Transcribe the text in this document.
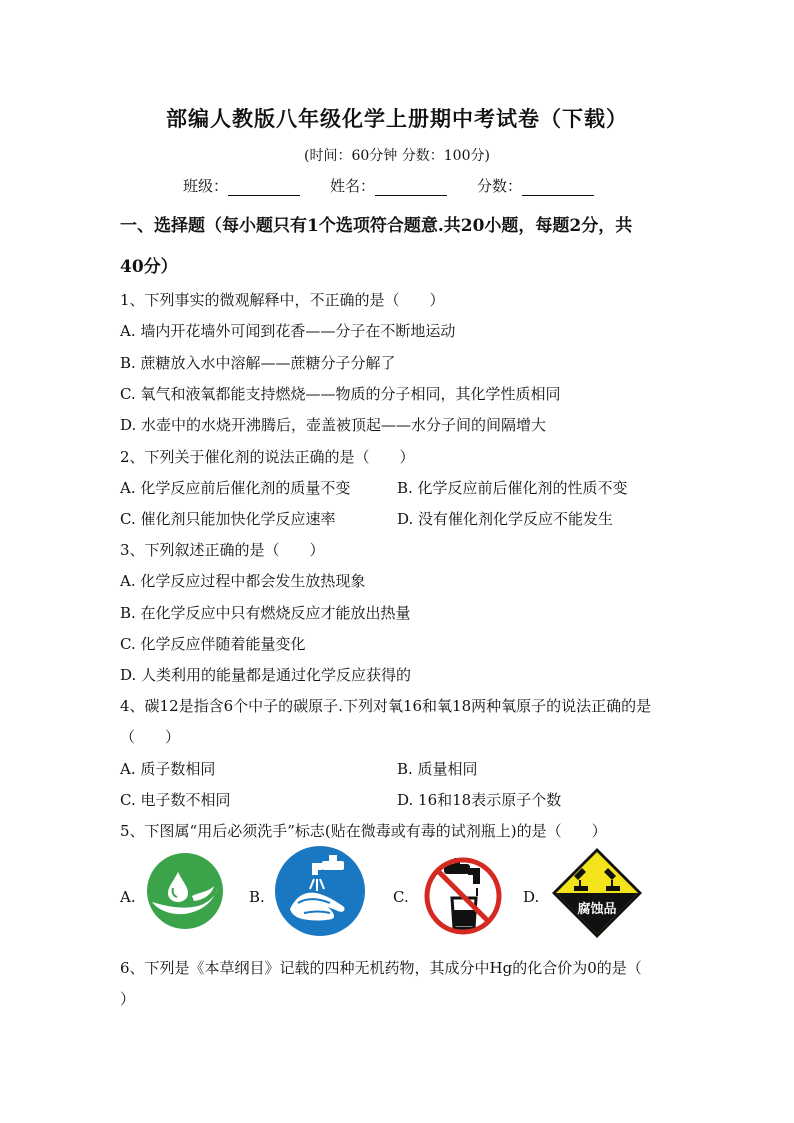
部编人教版八年级化学上册期中考试卷（下载）
(时间：60分钟 分数：100分)
班级：	姓名：	分数：
一、选择题（每小题只有1个选项符合题意.共20小题，每题2分，共
40分）
1、下列事实的微观解释中，不正确的是（　　）
A. 墙内开花墙外可闻到花香——分子在不断地运动
B. 蔗糖放入水中溶解——蔗糖分子分解了
C. 氧气和液氧都能支持燃烧——物质的分子相同，其化学性质相同
D. 水壶中的水烧开沸腾后，壶盖被顶起——水分子间的间隔增大
2、下列关于催化剂的说法正确的是（　　）
A. 化学反应前后催化剂的质量不变	B. 化学反应前后催化剂的性质不变
C. 催化剂只能加快化学反应速率	D. 没有催化剂化学反应不能发生
3、下列叙述正确的是（　　）
A. 化学反应过程中都会发生放热现象
B. 在化学反应中只有燃烧反应才能放出热量
C. 化学反应伴随着能量变化
D. 人类利用的能量都是通过化学反应获得的
4、碳12是指含6个中子的碳原子.下列对氧16和氧18两种氧原子的说法正确的是
（　　）
A. 质子数相同	B. 质量相同
C. 电子数不相同	D. 16和18表示原子个数
5、下图属“用后必须洗手”标志(贴在微毒或有毒的试剂瓶上)的是（　　）
A.	B.	C.	D.
腐蚀品
6、下列是《本草纲目》记载的四种无机药物，其成分中Hg的化合价为0的是（
）
